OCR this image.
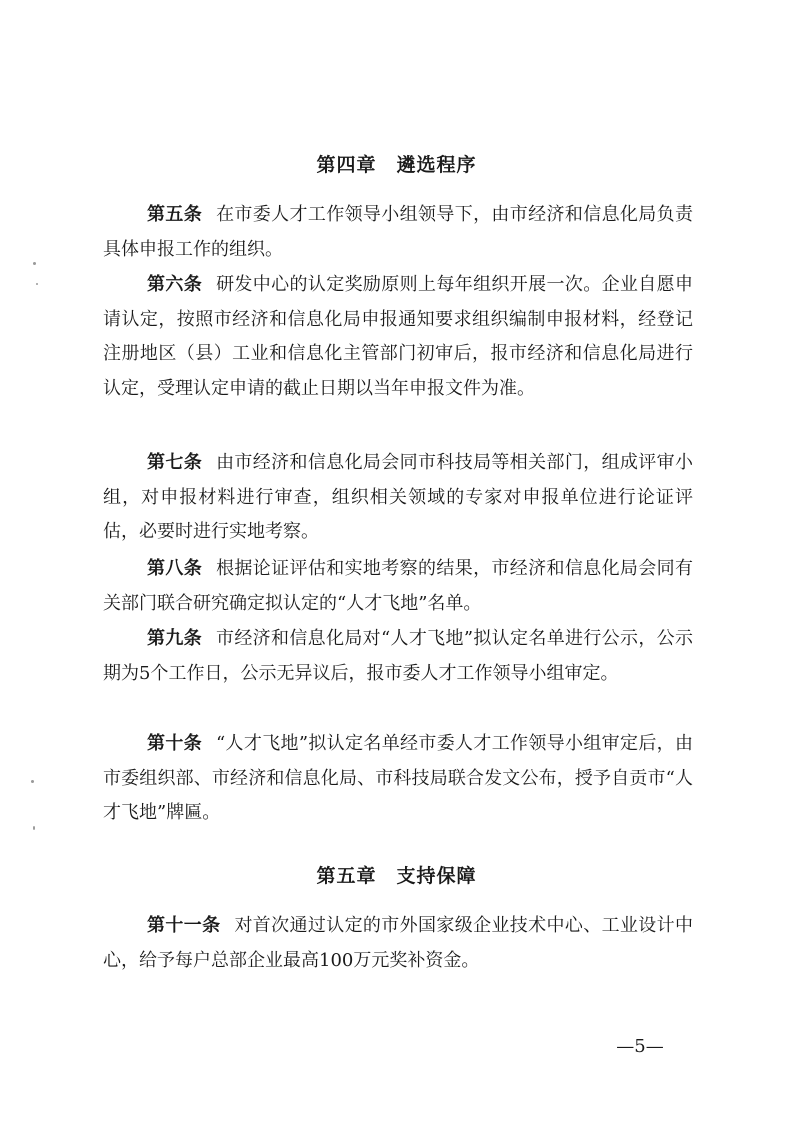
第四章　遴选程序
第五条 在市委人才工作领导小组领导下，由市经济和信息化局负责具体申报工作的组织。
第六条 研发中心的认定奖励原则上每年组织开展一次。企业自愿申请认定，按照市经济和信息化局申报通知要求组织编制申报材料，经登记注册地区（县）工业和信息化主管部门初审后，报市经济和信息化局进行认定，受理认定申请的截止日期以当年申报文件为准。
第七条 由市经济和信息化局会同市科技局等相关部门，组成评审小组，对申报材料进行审查，组织相关领域的专家对申报单位进行论证评估，必要时进行实地考察。
第八条 根据论证评估和实地考察的结果，市经济和信息化局会同有关部门联合研究确定拟认定的“人才飞地”名单。
第九条 市经济和信息化局对“人才飞地”拟认定名单进行公示，公示期为5个工作日，公示无异议后，报市委人才工作领导小组审定。
第十条 “人才飞地”拟认定名单经市委人才工作领导小组审定后，由市委组织部、市经济和信息化局、市科技局联合发文公布，授予自贡市“人才飞地”牌匾。
第五章　支持保障
第十一条 对首次通过认定的市外国家级企业技术中心、工业设计中心，给予每户总部企业最高100万元奖补资金。
—5—
